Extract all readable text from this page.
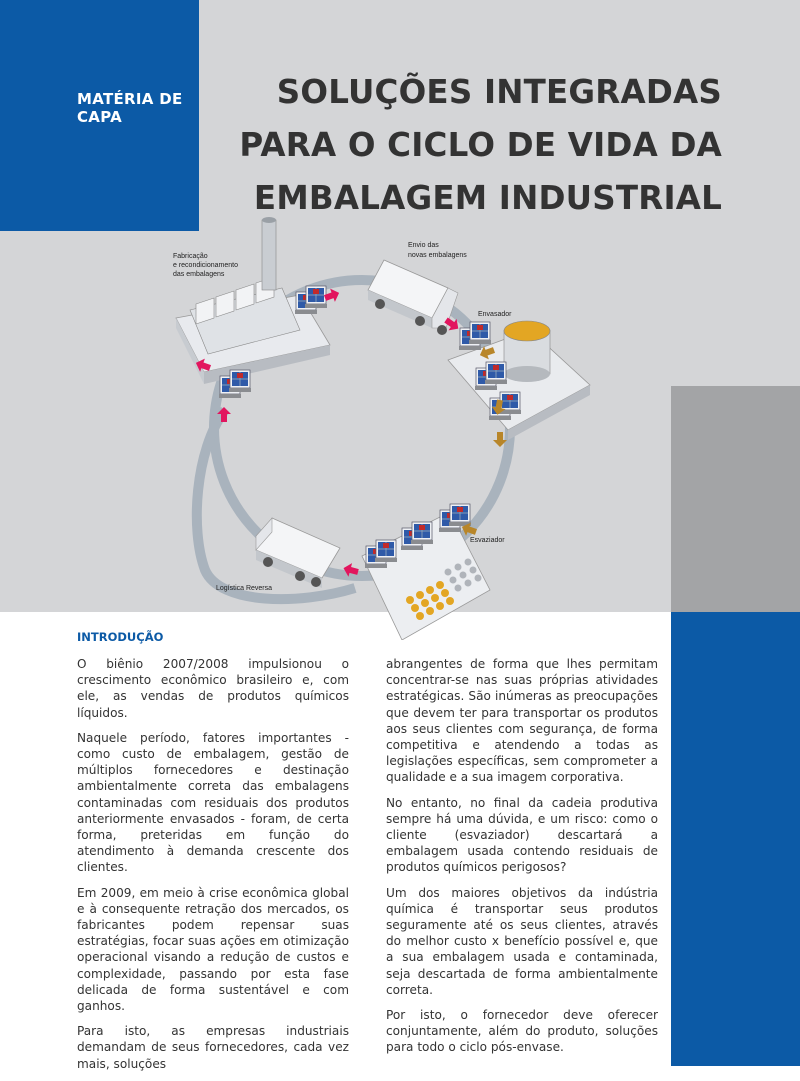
MATÉRIA DE
CAPA
SOLUÇÕES INTEGRADAS
PARA O CICLO DE VIDA DA
EMBALAGEM INDUSTRIAL
Fabricação
e recondicionamento
das embalagens
Envio das
novas embalagens
Envasador
Esvaziador
Logística Reversa
INTRODUÇÃO

O biênio 2007/2008 impulsionou o crescimento econômico brasileiro e, com ele, as vendas de produtos químicos líquidos.

Naquele período, fatores importantes - como custo de embalagem, gestão de múltiplos fornecedores e destinação ambientalmente correta das embalagens contaminadas com residuais dos produtos anteriormente envasados - foram, de certa forma, preteridas em função do atendimento à demanda crescente dos clientes.

Em 2009, em meio à crise econômica global e à consequente retração dos mercados, os fabricantes podem repensar suas estratégias, focar suas ações em otimização operacional visando a redução de custos e complexidade, passando por esta fase delicada de forma sustentável e com ganhos.

Para isto, as empresas industriais demandam de seus fornecedores, cada vez mais, soluções

abrangentes de forma que lhes permitam concentrar-se nas suas próprias atividades estratégicas. São inúmeras as preocupações que devem ter para transportar os produtos aos seus clientes com segurança, de forma competitiva e atendendo a todas as legislações específicas, sem comprometer a qualidade e a sua imagem corporativa.

No entanto, no final da cadeia produtiva sempre há uma dúvida, e um risco: como o cliente (esvaziador) descartará a embalagem usada contendo residuais de produtos químicos perigosos?

Um dos maiores objetivos da indústria química é transportar seus produtos seguramente até os seus clientes, através do melhor custo x benefício possível e, que a sua embalagem usada e contaminada, seja descartada de forma ambientalmente correta.

Por isto, o fornecedor deve oferecer conjuntamente, além do produto, soluções para todo o ciclo pós-envase.
